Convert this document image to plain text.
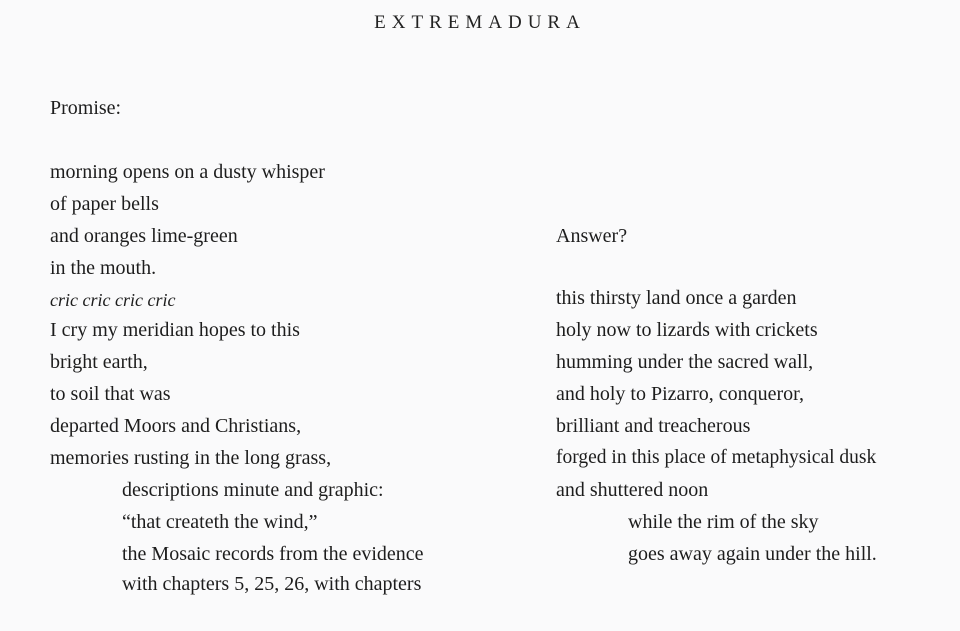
EXTREMADURA
Promise:
morning opens on a dusty whisper
of paper bells
and oranges lime-green
in the mouth.
cric cric cric cric
I cry my meridian hopes to this
bright earth,
to soil that was
departed Moors and Christians,
memories rusting in the long grass,
descriptions minute and graphic:
“that createth the wind,”
the Mosaic records from the evidence
with chapters 5, 25, 26, with chapters
Answer?
this thirsty land once a garden
holy now to lizards with crickets
humming under the sacred wall,
and holy to Pizarro, conqueror,
brilliant and treacherous
forged in this place of metaphysical dusk
and shuttered noon
while the rim of the sky
goes away again under the hill.
